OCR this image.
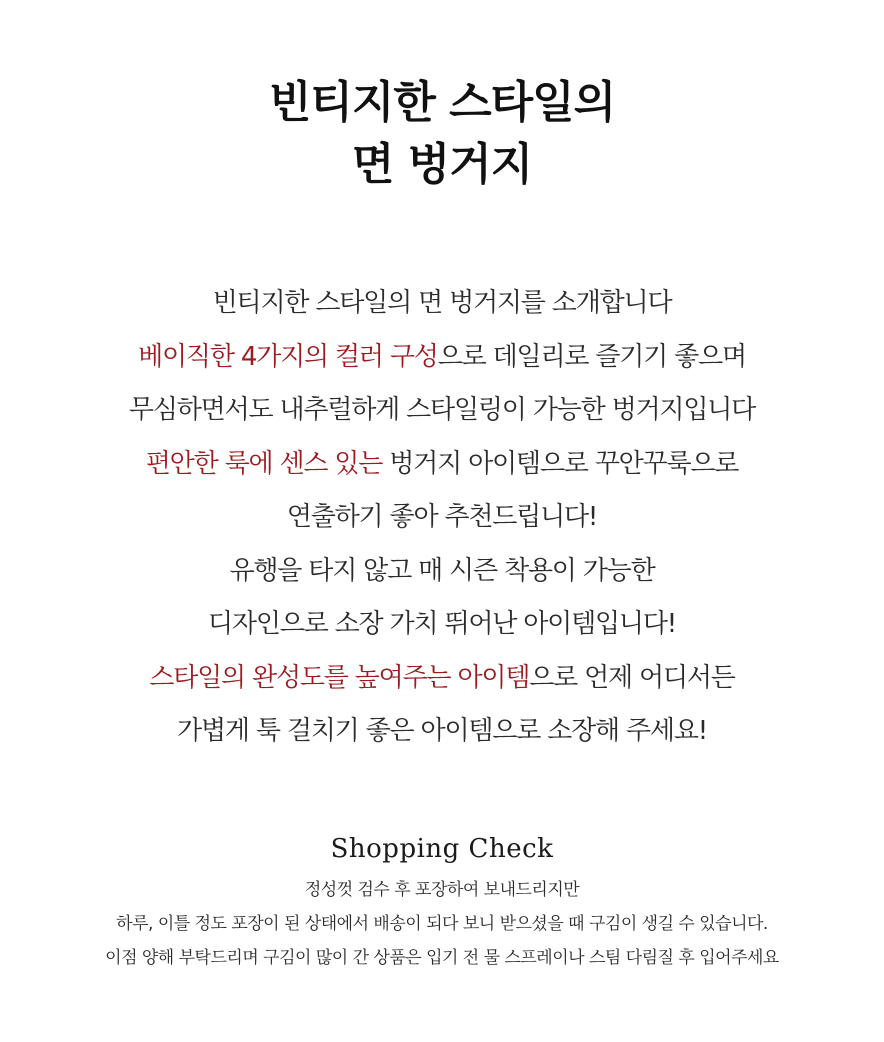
빈티지한 스타일의
면 벙거지
빈티지한 스타일의 면 벙거지를 소개합니다
베이직한 4가지의 컬러 구성으로 데일리로 즐기기 좋으며
무심하면서도 내추럴하게 스타일링이 가능한 벙거지입니다
편안한 룩에 센스 있는 벙거지 아이템으로 꾸안꾸룩으로
연출하기 좋아 추천드립니다!
유행을 타지 않고 매 시즌 착용이 가능한
디자인으로 소장 가치 뛰어난 아이템입니다!
스타일의 완성도를 높여주는 아이템으로 언제 어디서든
가볍게 툭 걸치기 좋은 아이템으로 소장해 주세요!
Shopping Check
정성껏 검수 후 포장하여 보내드리지만
하루, 이틀 정도 포장이 된 상태에서 배송이 되다 보니 받으셨을 때 구김이 생길 수 있습니다.
이점 양해 부탁드리며 구김이 많이 간 상품은 입기 전 물 스프레이나 스팀 다림질 후 입어주세요
